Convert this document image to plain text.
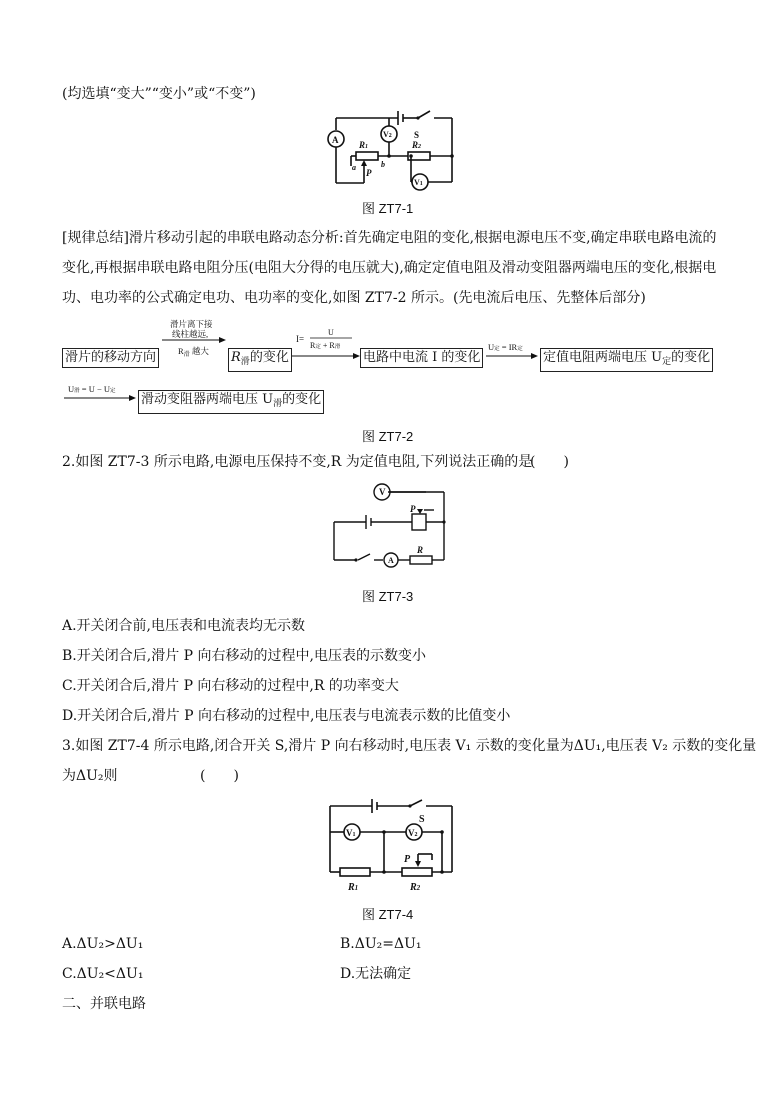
(均选填“变大”“变小”或“不变”)
A
V2 S
R1	R2
a	b
P
V1
图 ZT7-1
[规律总结]滑片移动引起的串联电路动态分析:首先确定电阻的变化,根据电源电压不变,确定串联电路电流的
变化,再根据串联电路电阻分压(电阻大分得的电压就大),确定定值电阻及滑动变阻器两端电压的变化,根据电
功、电功率的公式确定电功、电功率的变化,如图 ZT7-2 所示。(先电流后电压、先整体后部分)
滑片的移动方向
滑片离下接
线柱越远,
$R_滑$ 越大 $R_滑$的变化
I=
U
R定 + R滑
电路中电流 I 的变化
U定 = IR定
定值电阻两端电压 $U_定$的变化
U滑 = U − U定
滑动变阻器两端电压 $U_滑$的变化
图 ZT7-2
2.如图 ZT7-3 所示电路,电源电压保持不变,R 为定值电阻,下列说法正确的是
(　　)
V
P
A
R
图 ZT7-3
A.开关闭合前,电压表和电流表均无示数
B.开关闭合后,滑片 P 向右移动的过程中,电压表的示数变小
C.开关闭合后,滑片 P 向右移动的过程中,R 的功率变大
D.开关闭合后,滑片 P 向右移动的过程中,电压表与电流表示数的比值变小
3.如图 ZT7-4 所示电路,闭合开关 S,滑片 P 向右移动时,电压表 V₁ 示数的变化量为ΔU₁,电压表 V₂ 示数的变化量
为ΔU₂则	(　　)
S
V1	V2
P
R1	R2
图 ZT7-4
A.ΔU₂>ΔU₁	B.ΔU₂=ΔU₁
C.ΔU₂<ΔU₁	D.无法确定
二、并联电路
